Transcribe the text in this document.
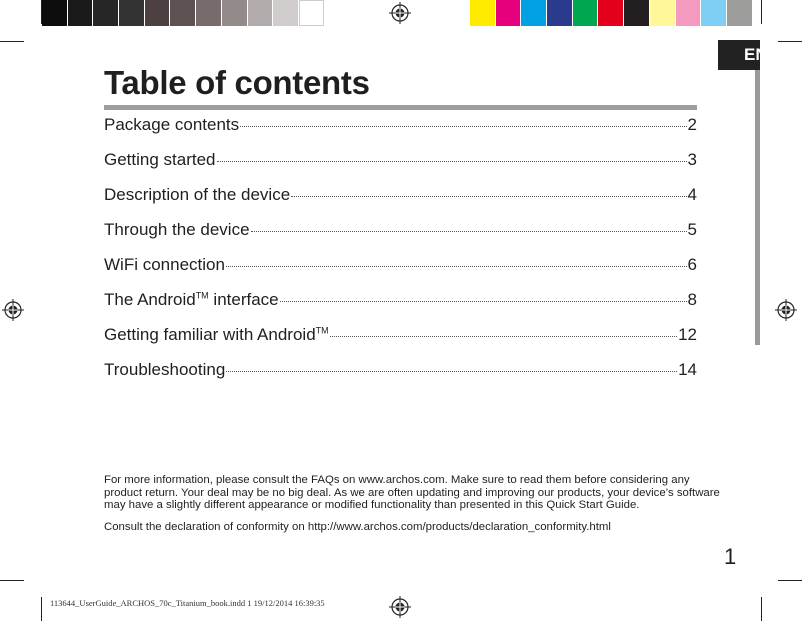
EN
Table of contents
Package contents	2
Getting started	3
Description of the device	4
Through the device	5
WiFi connection	6
The Android™ interface	8
Getting familiar with Android™	12
Troubleshooting	14

For more information, please consult the FAQs on www.archos.com. Make sure to read them before considering any product return. Your deal may be no big deal. As we are often updating and improving our products, your device’s software may have a slightly different appearance or modified functionality than presented in this Quick Start Guide.

Consult the declaration of conformity on http://www.archos.com/products/declaration_conformity.html

1
113644_UserGuide_ARCHOS_70c_Titanium_book.indd 1 19/12/2014 16:39:35
